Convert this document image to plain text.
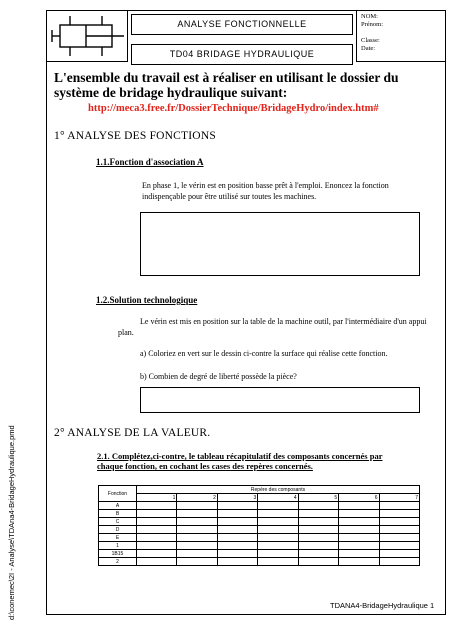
d:\conemec\2I - Analyse\TDAna4-BridageHydraulique.pmd
ANALYSE FONCTIONNELLE
TD04 BRIDAGE HYDRAULIQUE
NOM:
Prénom:
Classe:
Date:
L'ensemble du travail est à réaliser en utilisant le dossier du système de bridage hydraulique suivant:
http://meca3.free.fr/DossierTechnique/BridageHydro/index.htm#
1° ANALYSE DES FONCTIONS
1.1.Fonction d'association A
En phase 1, le vérin est en position basse prêt à l'emploi. Enoncez la fonction indispençable pour être utilisé sur toutes les machines.
1.2.Solution technologique
Le vérin est mis en position sur la table de la machine outil, par l'intermédiaire d'un appui plan.
a) Coloriez en vert sur le dessin ci-contre la surface qui réalise cette fonction.
b) Combien de degré de liberté possède la pièce?
2° ANALYSE DE LA VALEUR.
2.1. Complétez,ci-contre, le tableau récapitulatif des composants concernés par chaque fonction, en cochant les cases des repères concernés.
Fonction	Repère des composants						
	1	2	3	4	5	6	7
A							
B							
C							
D							
E							
1							
1B15							
2							
TDANA4-BridageHydraulique 1
